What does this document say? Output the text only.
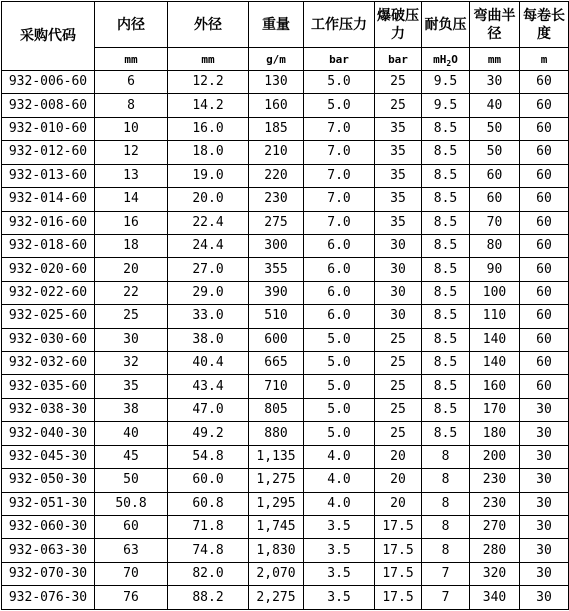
采购代码	内径	外径	重量	工作压力	爆破压力	耐负压	弯曲半径	每卷长度
	mm	mm	g/m	bar	bar	$mH_2O$	mm	m
932-006-60	6	12.2	130	5.0	25	9.5	30	60
932-008-60	8	14.2	160	5.0	25	9.5	40	60
932-010-60	10	16.0	185	7.0	35	8.5	50	60
932-012-60	12	18.0	210	7.0	35	8.5	50	60
932-013-60	13	19.0	220	7.0	35	8.5	60	60
932-014-60	14	20.0	230	7.0	35	8.5	60	60
932-016-60	16	22.4	275	7.0	35	8.5	70	60
932-018-60	18	24.4	300	6.0	30	8.5	80	60
932-020-60	20	27.0	355	6.0	30	8.5	90	60
932-022-60	22	29.0	390	6.0	30	8.5	100	60
932-025-60	25	33.0	510	6.0	30	8.5	110	60
932-030-60	30	38.0	600	5.0	25	8.5	140	60
932-032-60	32	40.4	665	5.0	25	8.5	140	60
932-035-60	35	43.4	710	5.0	25	8.5	160	60
932-038-30	38	47.0	805	5.0	25	8.5	170	30
932-040-30	40	49.2	880	5.0	25	8.5	180	30
932-045-30	45	54.8	1,135	4.0	20	8	200	30
932-050-30	50	60.0	1,275	4.0	20	8	230	30
932-051-30	50.8	60.8	1,295	4.0	20	8	230	30
932-060-30	60	71.8	1,745	3.5	17.5	8	270	30
932-063-30	63	74.8	1,830	3.5	17.5	8	280	30
932-070-30	70	82.0	2,070	3.5	17.5	7	320	30
932-076-30	76	88.2	2,275	3.5	17.5	7	340	30
